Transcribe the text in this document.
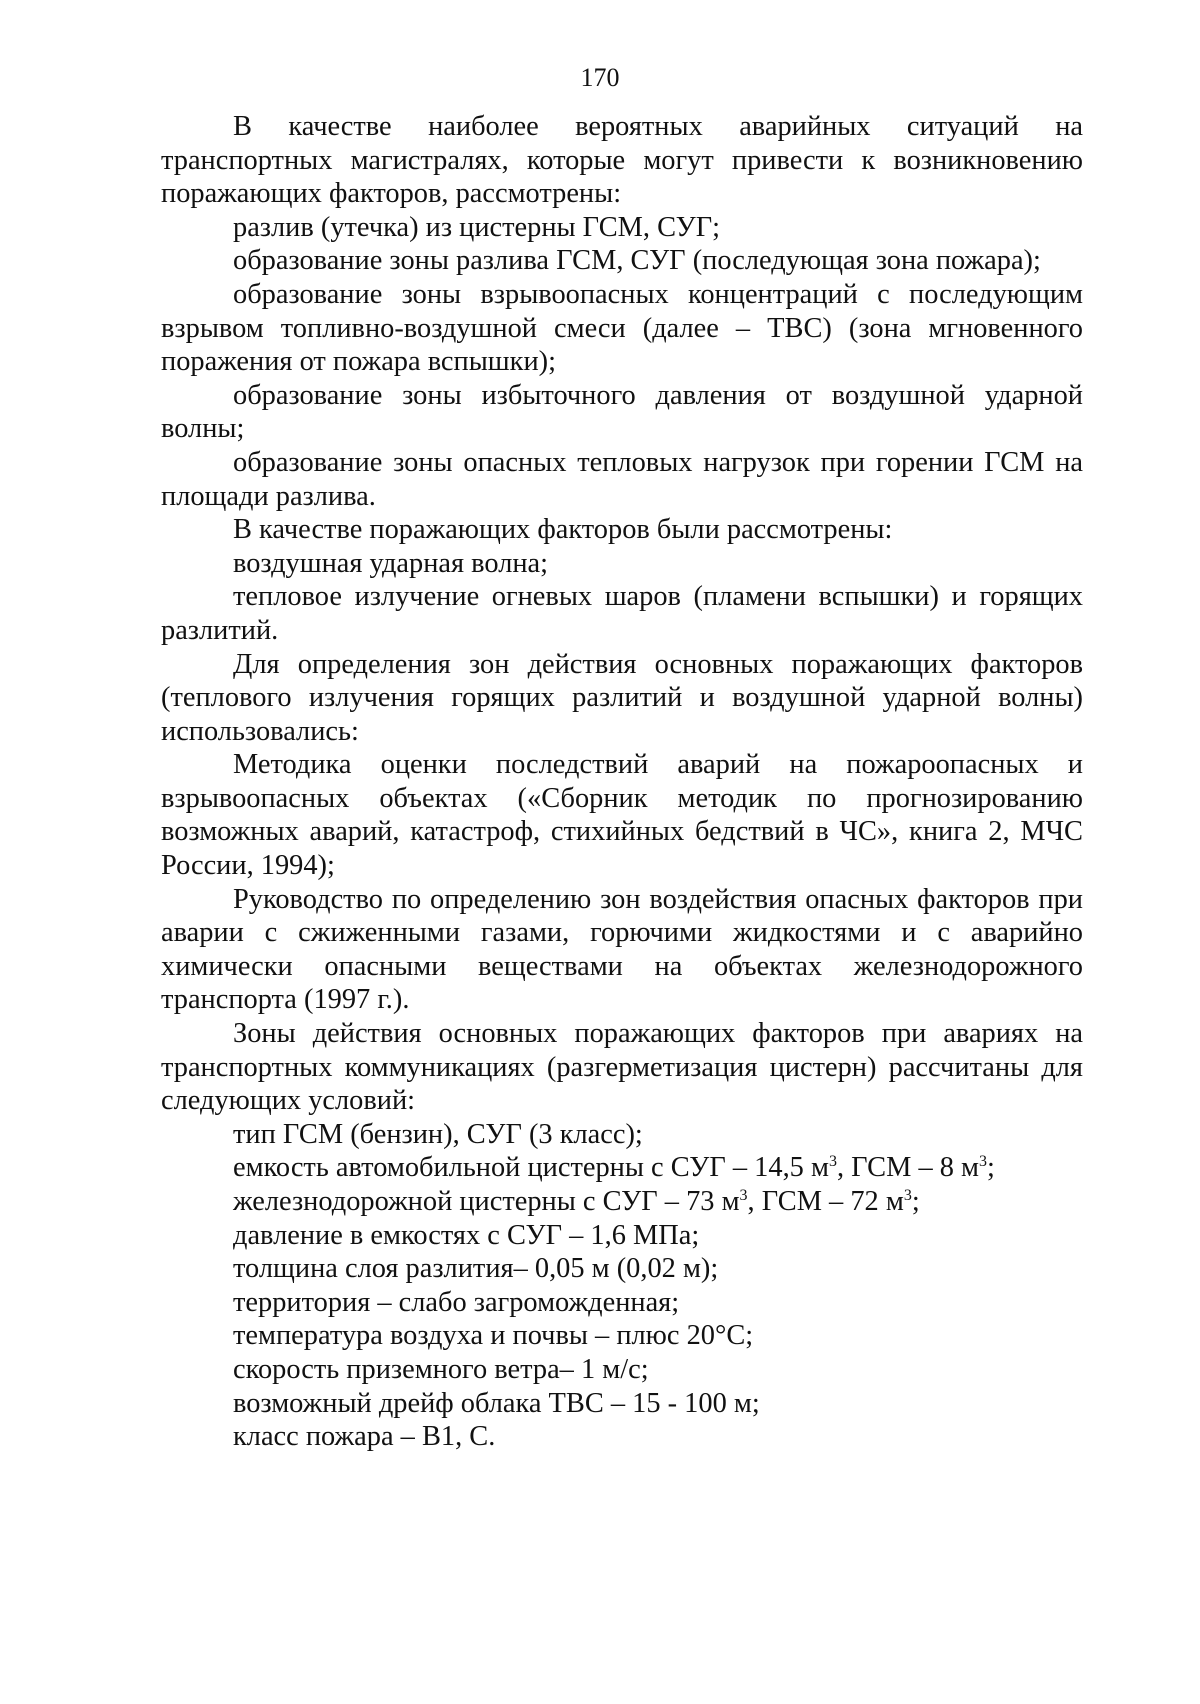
170

В качестве наиболее вероятных аварийных ситуаций на транспортных магистралях, которые могут привести к возникновению поражающих факторов, рассмотрены:

разлив (утечка) из цистерны ГСМ, СУГ;

образование зоны разлива ГСМ, СУГ (последующая зона пожара);

образование зоны взрывоопасных концентраций с последующим взрывом топливно-воздушной смеси (далее – ТВС) (зона мгновенного поражения от пожара вспышки);

образование зоны избыточного давления от воздушной ударной волны;

образование зоны опасных тепловых нагрузок при горении ГСМ на площади разлива.

В качестве поражающих факторов были рассмотрены:

воздушная ударная волна;

тепловое излучение огневых шаров (пламени вспышки) и горящих разлитий.

Для определения зон действия основных поражающих факторов (теплового излучения горящих разлитий и воздушной ударной волны) использовались:

Методика оценки последствий аварий на пожароопасных и взрывоопасных объектах («Сборник методик по прогнозированию возможных аварий, катастроф, стихийных бедствий в ЧС», книга 2, МЧС России, 1994);

Руководство по определению зон воздействия опасных факторов при аварии с сжиженными газами, горючими жидкостями и с аварийно химически опасными веществами на объектах железнодорожного транспорта (1997 г.).

Зоны действия основных поражающих факторов при авариях на транспортных коммуникациях (разгерметизация цистерн) рассчитаны для следующих условий:

тип ГСМ (бензин), СУГ (3 класс);

емкость автомобильной цистерны с СУГ – 14,5 $м^3$, ГСМ – 8 $м^3$;

железнодорожной цистерны с СУГ – 73 $м^3$, ГСМ – 72 $м^3$;

давление в емкостях с СУГ – 1,6 МПа;

толщина слоя разлития– 0,05 м (0,02 м);

территория – слабо загроможденная;

температура воздуха и почвы – плюс 20°С;

скорость приземного ветра– 1 м/с;

возможный дрейф облака ТВС – 15 - 100 м;

класс пожара – В1, С.
